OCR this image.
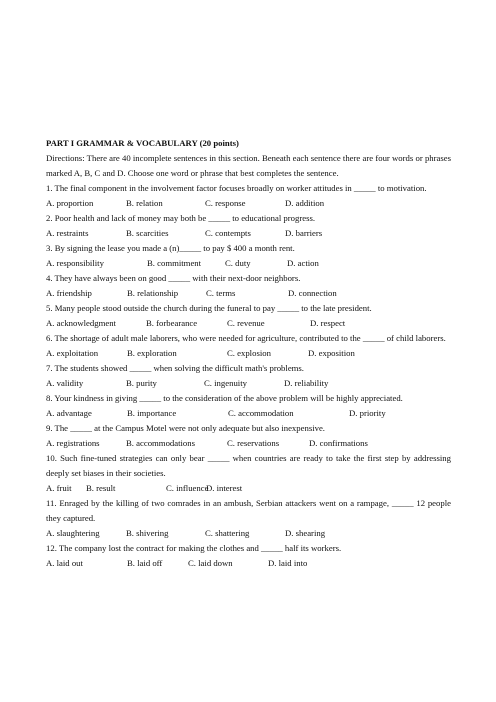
PART I GRAMMAR & VOCABULARY (20 points)
Directions: There are 40 incomplete sentences in this section. Beneath each sentence there are four words or phrases marked A, B, C and D. Choose one word or phrase that best completes the sentence.
1. The final component in the involvement factor focuses broadly on worker attitudes in _____ to motivation.
A. proportion	B. relation	C. response	D. addition
2. Poor health and lack of money may both be _____ to educational progress.
A. restraints	B. scarcities	C. contempts	D. barriers
3. By signing the lease you made a (n)_____ to pay $ 400 a month rent.
A. responsibility	B. commitment	C. duty	D. action
4. They have always been on good _____ with their next-door neighbors.
A. friendship	B. relationship	C. terms	D. connection
5. Many people stood outside the church during the funeral to pay _____ to the late president.
A. acknowledgment	B. forbearance	C. revenue	D. respect
6. The shortage of adult male laborers, who were needed for agriculture, contributed to the _____ of child laborers.
A. exploitation	B. exploration	C. explosion	D. exposition
7. The students showed _____ when solving the difficult math's problems.
A. validity	B. purity	C. ingenuity	D. reliability
8. Your kindness in giving _____ to the consideration of the above problem will be highly appreciated.
A. advantage	B. importance	C. accommodation	D. priority
9. The _____ at the Campus Motel were not only adequate but also inexpensive.
A. registrations	B. accommodations	C. reservations	D. confirmations
10. Such fine-tuned strategies can only bear _____ when countries are ready to take the first step by addressing deeply set biases in their societies.
A. fruit	B. result	C. influence
D. interest
11. Enraged by the killing of two comrades in an ambush, Serbian attackers went on a rampage, _____ 12 people they captured.
A. slaughtering	B. shivering	C. shattering	D. shearing
12. The company lost the contract for making the clothes and _____ half its workers.
A. laid out	B. laid off	C. laid down	D. laid into
